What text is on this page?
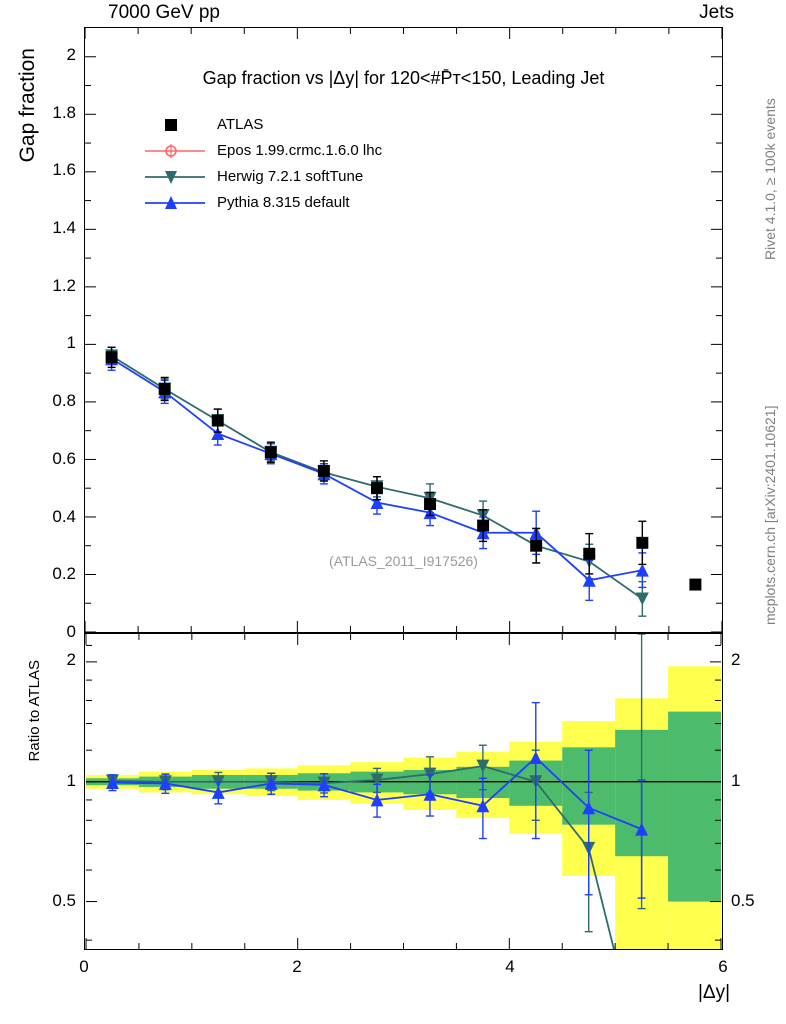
7000 GeV pp	Jets
Rivet 4.1.0, ≥ 100k events
mcplots.cern.ch [arXiv:2401.10621]
Gap fraction
Ratio to ATLAS
|Δy|
Gap fraction vs |Δy| for 120<#P̄ᴛ<150, Leading Jet
ATLAS
Epos 1.99.crmc.1.6.0 lhc
Herwig 7.2.1 softTune
Pythia 8.315 default
(ATLAS_2011_I917526)
0
0.2
0.4
0.6
0.8
1
1.2
1.4
1.6
1.8
2
0.5
1
2
0.5
1
2
0	2	4	6
